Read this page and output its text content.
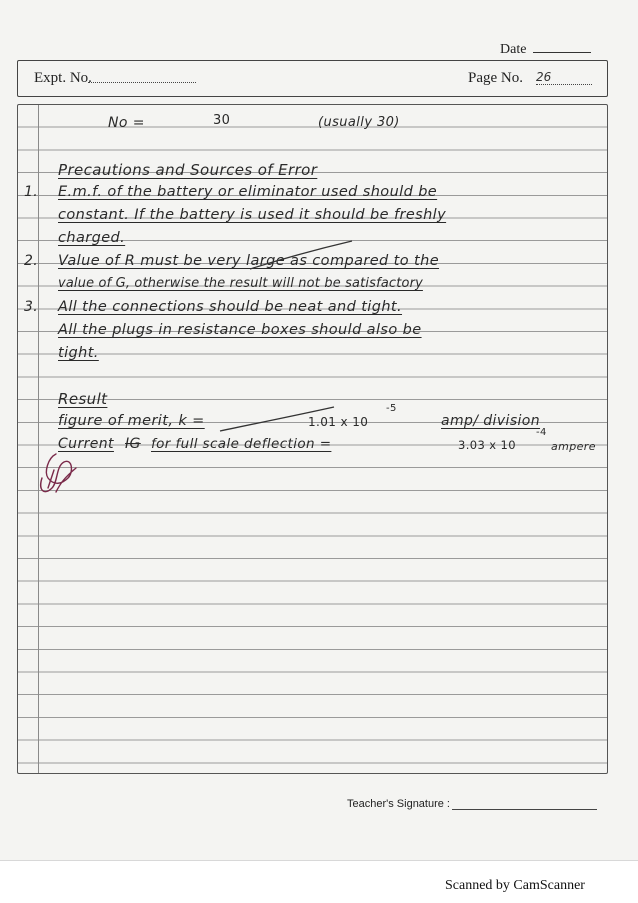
Date
Expt. No.	Page No. 26
No =	30	(usually 30)
Precautions and Sources of Error
1. E.m.f. of the battery or eliminator used should be
constant. If the battery is used it should be freshly
charged.
2. Value of R must be very large as compared to the
value of G, otherwise the result will not be satisfactory
3. All the connections should be neat and tight.
All the plugs in resistance boxes should also be
tight.
Result
figure of merit, k =	1.01 x 10
-5
amp/ division
Current IG for full scale deflection =	3.03 x 10
-4
ampere
Teacher's Signature :
Scanned by CamScanner
